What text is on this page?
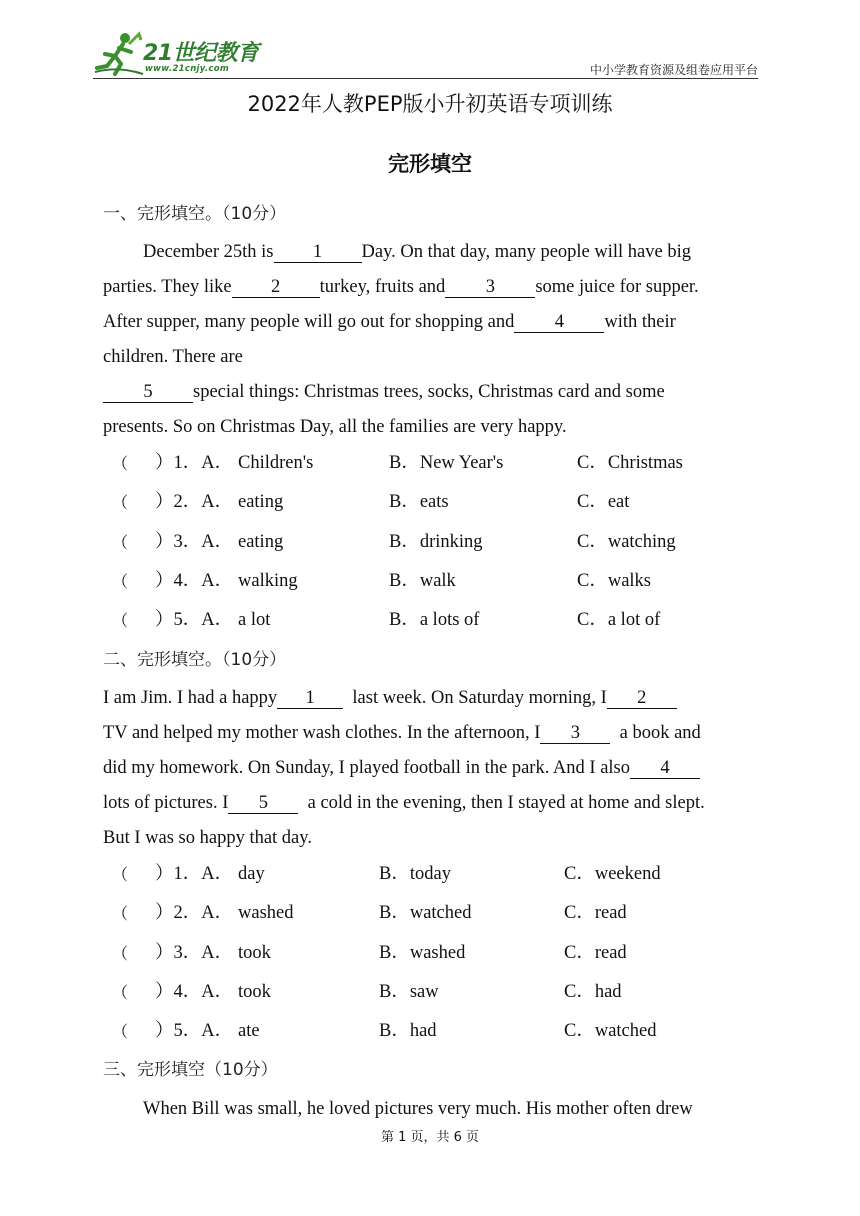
21世纪教育
www.21cnjy.com	中小学教育资源及组卷应用平台
2022年人教PEP版小升初英语专项训练
完形填空
一、完形填空。（10分）
December 25th is 1 Day. On that day, many people will have big
parties. They like 2 turkey, fruits and 3 some juice for supper.
After supper, many people will go out for shopping and 4 with their
children. There are
5 special things: Christmas trees, socks, Christmas card and some
presents. So on Christmas Day, all the families are very happy.
（ ）1．A． Children's	B．New Year's	C．Christmas
（ ）2．A． eating	B．eats	C．eat
（ ）3．A． eating	B．drinking	C．watching
（ ）4．A． walking	B．walk	C．walks
（ ）5．A． a lot	B．a lots of	C．a lot of
二、完形填空。（10分）
I am Jim. I had a happy 1 last week. On Saturday morning, I 2
TV and helped my mother wash clothes. In the afternoon, I 3 a book and
did my homework. On Sunday, I played football in the park. And I also 4
lots of pictures. I 5 a cold in the evening, then I stayed at home and slept.
But I was so happy that day.
（ ）1．A． day	B．today	C．weekend
（ ）2．A． washed	B．watched	C．read
（ ）3．A． took	B．washed	C．read
（ ）4．A． took	B．saw	C．had
（ ）5．A． ate	B．had	C．watched
三、完形填空（10分）
When Bill was small, he loved pictures very much. His mother often drew
第 1 页，共 6 页
